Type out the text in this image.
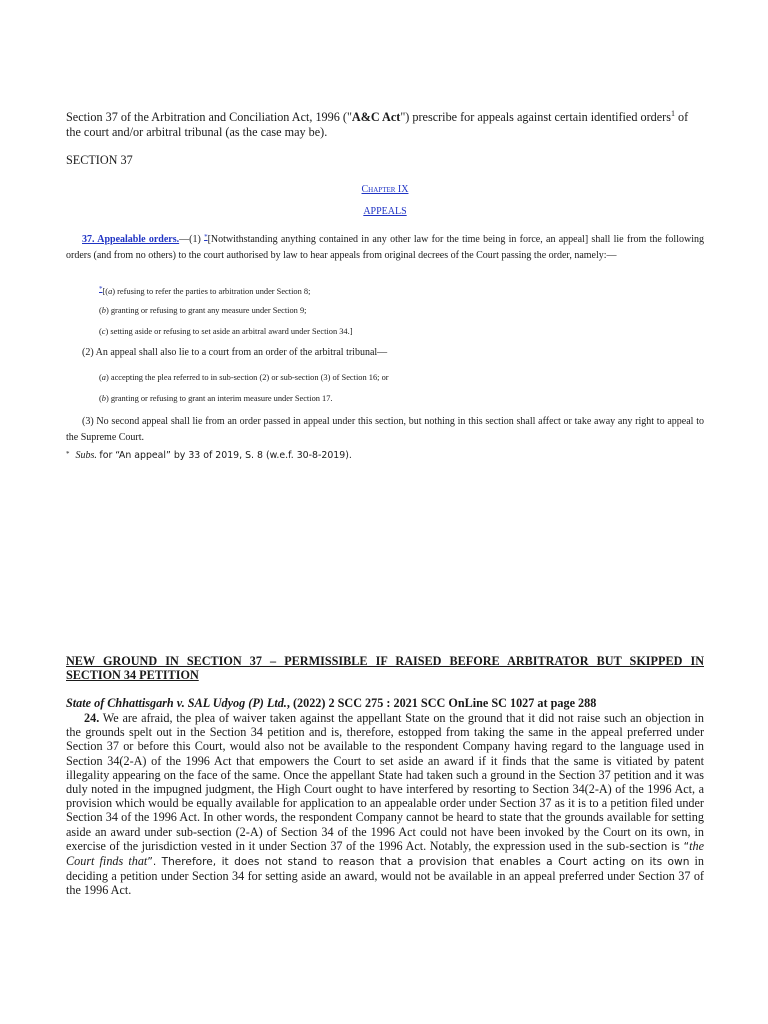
Section 37 of the Arbitration and Conciliation Act, 1996 ("A&C Act") prescribe for appeals against certain identified orders$^1$ of the court and/or arbitral tribunal (as the case may be).

SECTION 37
Chapter IX
APPEALS

37. Appealable orders.—(1) *[Notwithstanding anything contained in any other law for the time being in force, an appeal] shall lie from the following orders (and from no others) to the court authorised by law to hear appeals from original decrees of the Court passing the order, namely:—

*[(a) refusing to refer the parties to arbitration under Section 8;
(b) granting or refusing to grant any measure under Section 9;
(c) setting aside or refusing to set aside an arbitral award under Section 34.]
(2) An appeal shall also lie to a court from an order of the arbitral tribunal—
(a) accepting the plea referred to in sub-section (2) or sub-section (3) of Section 16; or
(b) granting or refusing to grant an interim measure under Section 17.

(3) No second appeal shall lie from an order passed in appeal under this section, but nothing in this section shall affect or take away any right to appeal to the Supreme Court.

* Subs. for “An appeal” by 33 of 2019, S. 8 (w.e.f. 30-8-2019).
NEW GROUND IN SECTION 37 – PERMISSIBLE IF RAISED BEFORE ARBITRATOR BUT SKIPPED IN
SECTION 34 PETITION
State of Chhattisgarh v. SAL Udyog (P) Ltd., (2022) 2 SCC 275 : 2021 SCC OnLine SC 1027 at page 288

24. We are afraid, the plea of waiver taken against the appellant State on the ground that it did not raise such an objection in the grounds spelt out in the Section 34 petition and is, therefore, estopped from taking the same in the appeal preferred under Section 37 or before this Court, would also not be available to the respondent Company having regard to the language used in Section 34(2-A) of the 1996 Act that empowers the Court to set aside an award if it finds that the same is vitiated by patent illegality appearing on the face of the same. Once the appellant State had taken such a ground in the Section 37 petition and it was duly noted in the impugned judgment, the High Court ought to have interfered by resorting to Section 34(2-A) of the 1996 Act, a provision which would be equally available for application to an appealable order under Section 37 as it is to a petition filed under Section 34 of the 1996 Act. In other words, the respondent Company cannot be heard to state that the grounds available for setting aside an award under sub-section (2-A) of Section 34 of the 1996 Act could not have been invoked by the Court on its own, in exercise of the jurisdiction vested in it under Section 37 of the 1996 Act. Notably, the expression used in the sub-section is “the Court finds that”. Therefore, it does not stand to reason that a provision that enables a Court acting on its own in deciding a petition under Section 34 for setting aside an award, would not be available in an appeal preferred under Section 37 of the 1996 Act.
